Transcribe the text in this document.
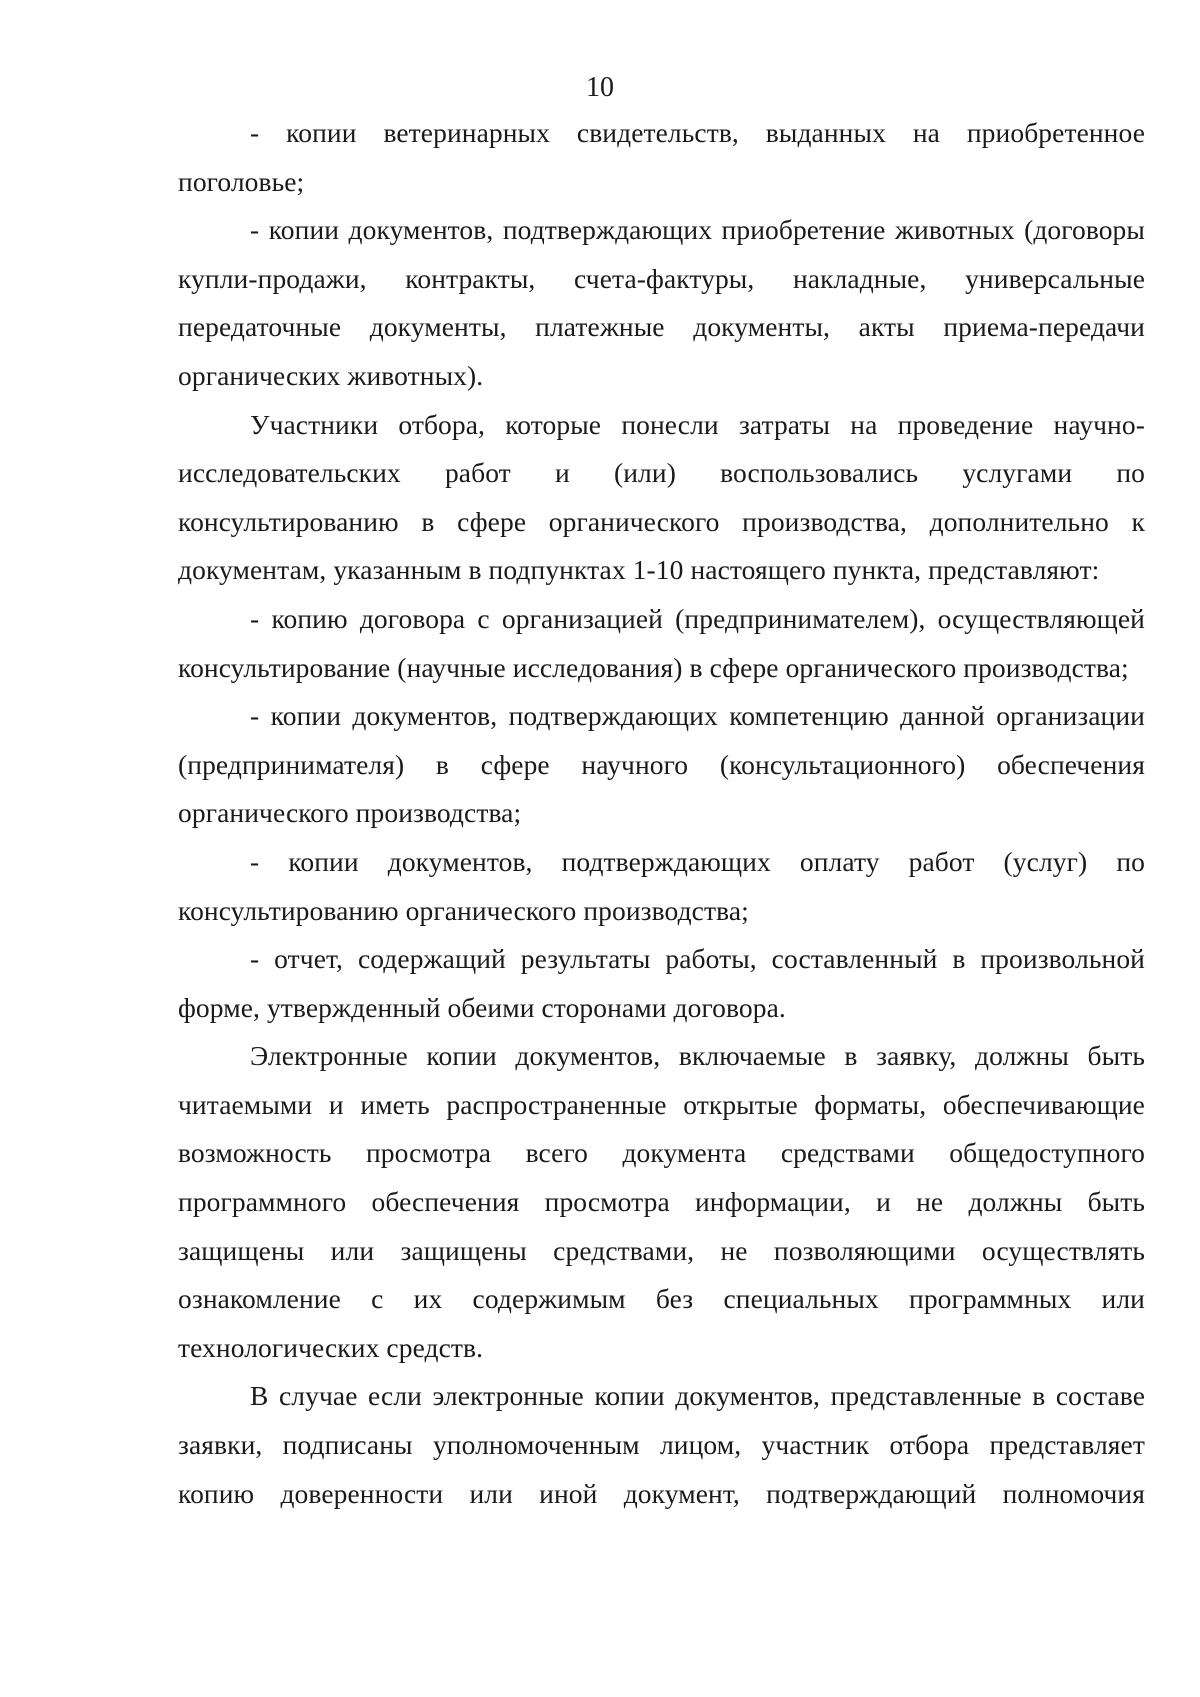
10

- копии ветеринарных свидетельств, выданных на приобретенное поголовье;

- копии документов, подтверждающих приобретение животных (договоры купли-продажи, контракты, счета-фактуры, накладные, универсальные передаточные документы, платежные документы, акты приема-передачи органических животных).

Участники отбора, которые понесли затраты на проведение научно-исследовательских работ и (или) воспользовались услугами по консультированию в сфере органического производства, дополнительно к документам, указанным в подпунктах 1-10 настоящего пункта, представляют:

- копию договора с организацией (предпринимателем), осуществляющей консультирование (научные исследования) в сфере органического производства;

- копии документов, подтверждающих компетенцию данной организации (предпринимателя) в сфере научного (консультационного) обеспечения органического производства;

- копии документов, подтверждающих оплату работ (услуг) по консультированию органического производства;

- отчет, содержащий результаты работы, составленный в произвольной форме, утвержденный обеими сторонами договора.

Электронные копии документов, включаемые в заявку, должны быть читаемыми и иметь распространенные открытые форматы, обеспечивающие возможность просмотра всего документа средствами общедоступного программного обеспечения просмотра информации, и не должны быть защищены или защищены средствами, не позволяющими осуществлять ознакомление с их содержимым без специальных программных или технологических средств.

В случае если электронные копии документов, представленные в составе заявки, подписаны уполномоченным лицом, участник отбора представляет копию доверенности или иной документ, подтверждающий полномочия
